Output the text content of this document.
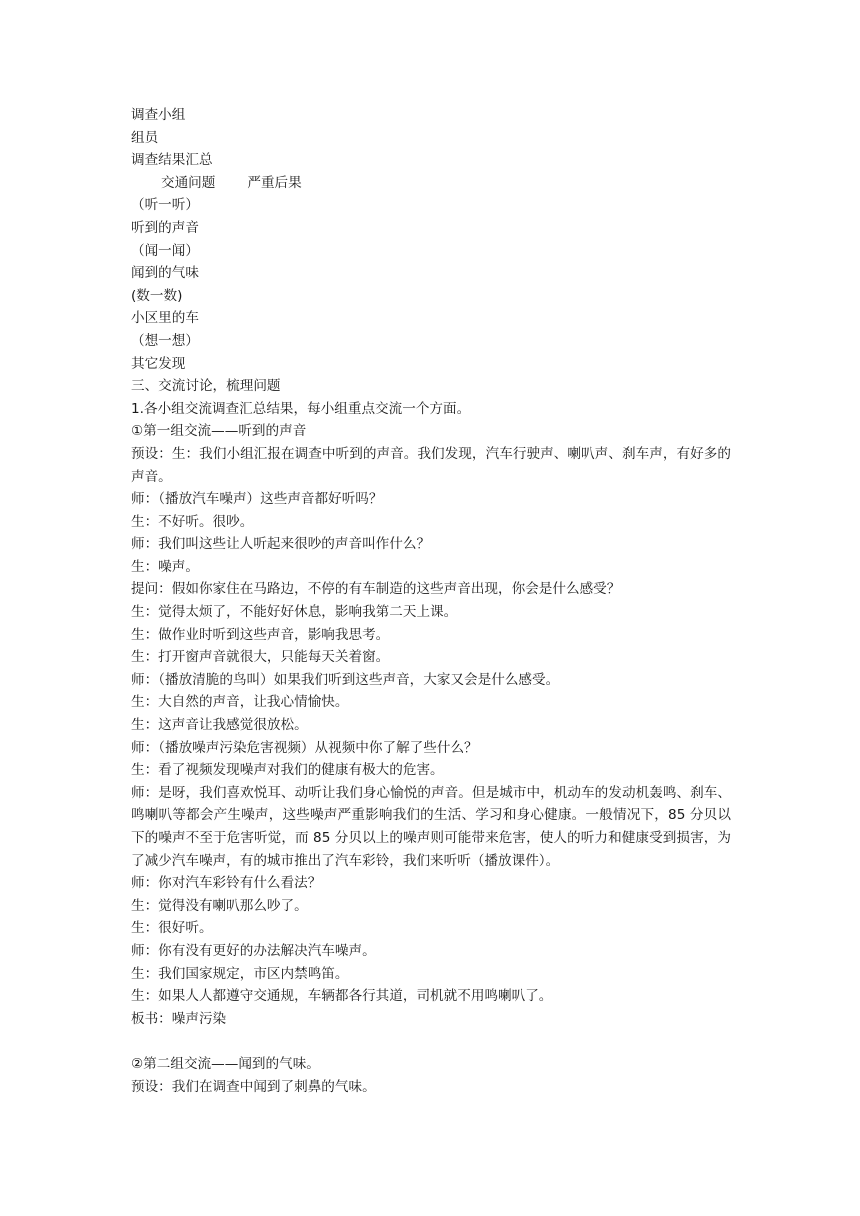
调查小组
组员
调查结果汇总
交通问题 严重后果
（听一听）
听到的声音
（闻一闻）
闻到的气味
(数一数)
小区里的车
（想一想）
其它发现
三、交流讨论，梳理问题
1.各小组交流调查汇总结果，每小组重点交流一个方面。
①第一组交流——听到的声音
预设：生：我们小组汇报在调查中听到的声音。我们发现，汽车行驶声、喇叭声、刹车声，有好多的声音。
师：（播放汽车噪声）这些声音都好听吗？
生：不好听。很吵。
师：我们叫这些让人听起来很吵的声音叫作什么？
生：噪声。
提问：假如你家住在马路边，不停的有车制造的这些声音出现，你会是什么感受？
生：觉得太烦了，不能好好休息，影响我第二天上课。
生：做作业时听到这些声音，影响我思考。
生：打开窗声音就很大，只能每天关着窗。
师：（播放清脆的鸟叫）如果我们听到这些声音，大家又会是什么感受。
生：大自然的声音，让我心情愉快。
生：这声音让我感觉很放松。
师：（播放噪声污染危害视频）从视频中你了解了些什么？
生：看了视频发现噪声对我们的健康有极大的危害。
师：是呀，我们喜欢悦耳、动听让我们身心愉悦的声音。但是城市中，机动车的发动机轰鸣、刹车、鸣喇叭等都会产生噪声，这些噪声严重影响我们的生活、学习和身心健康。一般情况下，85 分贝以下的噪声不至于危害听觉，而 85 分贝以上的噪声则可能带来危害，使人的听力和健康受到损害，为了减少汽车噪声，有的城市推出了汽车彩铃，我们来听听（播放课件）。
师：你对汽车彩铃有什么看法？
生：觉得没有喇叭那么吵了。
生：很好听。
师：你有没有更好的办法解决汽车噪声。
生：我们国家规定，市区内禁鸣笛。
生：如果人人都遵守交通规，车辆都各行其道，司机就不用鸣喇叭了。
板书：噪声污染
②第二组交流——闻到的气味。
预设：我们在调查中闻到了刺鼻的气味。
